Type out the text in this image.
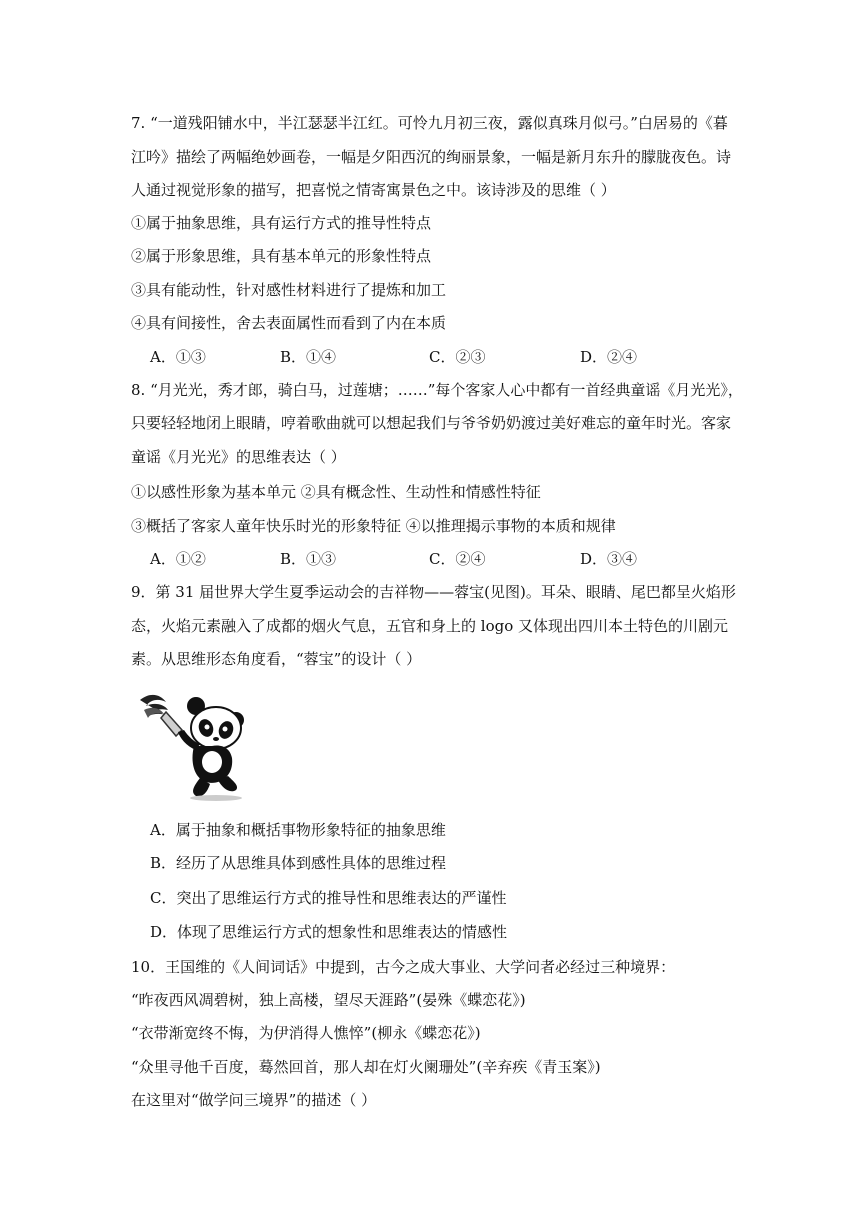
7. “一道残阳铺水中，半江瑟瑟半江红。可怜九月初三夜，露似真珠月似弓。”白居易的《暮

江吟》描绘了两幅绝妙画卷，一幅是夕阳西沉的绚丽景象，一幅是新月东升的朦胧夜色。诗

人通过视觉形象的描写，把喜悦之情寄寓景色之中。该诗涉及的思维（ ）

①属于抽象思维，具有运行方式的推导性特点

②属于形象思维，具有基本单元的形象性特点

③具有能动性，针对感性材料进行了提炼和加工

④具有间接性，舍去表面属性而看到了内在本质

A．①③	B．①④	C．②③	D．②④

8. “月光光，秀才郎，骑白马，过莲塘；……”每个客家人心中都有一首经典童谣《月光光》，

只要轻轻地闭上眼睛，哼着歌曲就可以想起我们与爷爷奶奶渡过美好难忘的童年时光。客家

童谣《月光光》的思维表达（ ）

①以感性形象为基本单元 ②具有概念性、生动性和情感性特征

③概括了客家人童年快乐时光的形象特征 ④以推理揭示事物的本质和规律

A．①②	B．①③	C．②④	D．③④

9．第 31 届世界大学生夏季运动会的吉祥物——蓉宝(见图)。耳朵、眼睛、尾巴都呈火焰形

态，火焰元素融入了成都的烟火气息，五官和身上的 logo 又体现出四川本土特色的川剧元

素。从思维形态角度看，“蓉宝”的设计（ ）

A．属于抽象和概括事物形象特征的抽象思维

B．经历了从思维具体到感性具体的思维过程

C．突出了思维运行方式的推导性和思维表达的严谨性

D．体现了思维运行方式的想象性和思维表达的情感性

10．王国维的《人间词话》中提到，古今之成大事业、大学问者必经过三种境界：

“昨夜西风凋碧树，独上高楼，望尽天涯路”(晏殊《蝶恋花》)

“衣带渐宽终不悔，为伊消得人憔悴”(柳永《蝶恋花》)

“众里寻他千百度，蓦然回首，那人却在灯火阑珊处”(辛弃疾《青玉案》)

在这里对“做学问三境界”的描述（ ）
